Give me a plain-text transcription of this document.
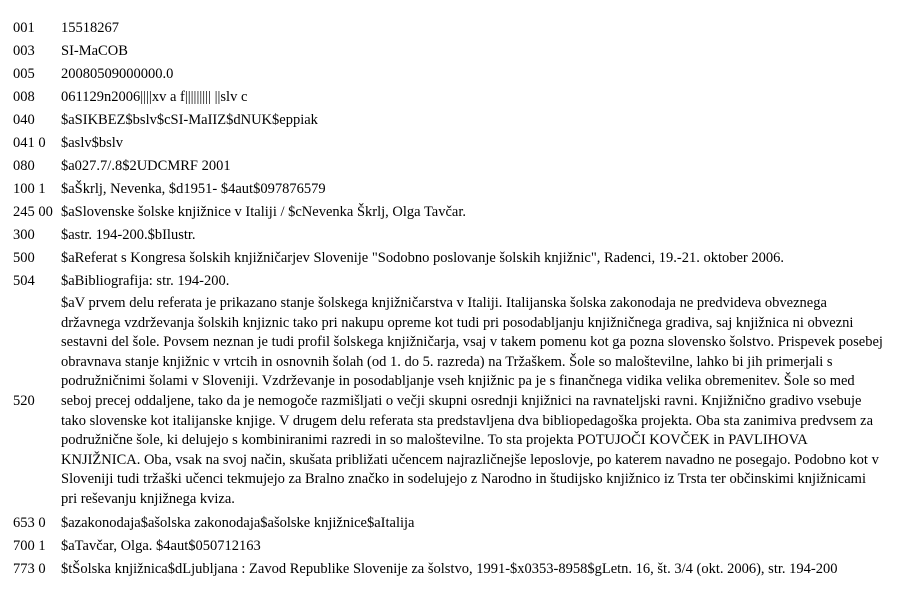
001	15518267
003	SI-MaCOB
005	20080509000000.0
008	061129n2006||||xv a f||||||||| ||slv c
040	$aSIKBEZ$bslv$cSI-MaIIZ$dNUK$eppiak
041 0	$aslv$bslv
080	$a027.7/.8$2UDCMRF 2001
100 1	$aŠkrlj, Nevenka, $d1951- $4aut$097876579
245 00	$aSlovenske šolske knjižnice v Italiji / $cNevenka Škrlj, Olga Tavčar.
300	$astr. 194-200.$bIlustr.
500	$aReferat s Kongresa šolskih knjižničarjev Slovenije "Sodobno poslovanje šolskih knjižnic", Radenci, 19.-21. oktober 2006.
504	$aBibliografija: str. 194-200.
520	$aV prvem delu referata je prikazano stanje šolskega knjižničarstva v Italiji. Italijanska šolska zakonodaja ne predvideva obveznega državnega vzdrževanja šolskih knjiznic tako pri nakupu opreme kot tudi pri posodabljanju knjižničnega gradiva, saj knjižnica ni obvezni sestavni del šole. Povsem neznan je tudi profil šolskega knjižničarja, vsaj v takem pomenu kot ga pozna slovensko šolstvo. Prispevek posebej obravnava stanje knjižnic v vrtcih in osnovnih šolah (od 1. do 5. razreda) na Tržaškem. Šole so maloštevilne, lahko bi jih primerjali s podružničnimi šolami v Sloveniji. Vzdrževanje in posodabljanje vseh knjižnic pa je s finančnega vidika velika obremenitev. Šole so med seboj precej oddaljene, tako da je nemogoče razmišljati o večji skupni osrednji knjižnici na ravnateljski ravni. Knjižnično gradivo vsebuje tako slovenske kot italijanske knjige. V drugem delu referata sta predstavljena dva bibliopedagoška projekta. Oba sta zanimiva predvsem za podružnične šole, ki delujejo s kombiniranimi razredi in so maloštevilne. To sta projekta POTUJOČI KOVČEK in PAVLIHOVA KNJIŽNICA. Oba, vsak na svoj način, skušata približati učencem najrazličnejše leposlovje, po katerem navadno ne posegajo. Podobno kot v Sloveniji tudi tržaški učenci tekmujejo za Bralno značko in sodelujejo z Narodno in študijsko knjižnico iz Trsta ter občinskimi knjižnicami pri reševanju knjižnega kviza.
653 0	$azakonodaja$ašolska zakonodaja$ašolske knjižnice$aItalija
700 1	$aTavčar, Olga. $4aut$050712163
773 0	$tŠolska knjižnica$dLjubljana : Zavod Republike Slovenije za šolstvo, 1991-$x0353-8958$gLetn. 16, št. 3/4 (okt. 2006), str. 194-200
